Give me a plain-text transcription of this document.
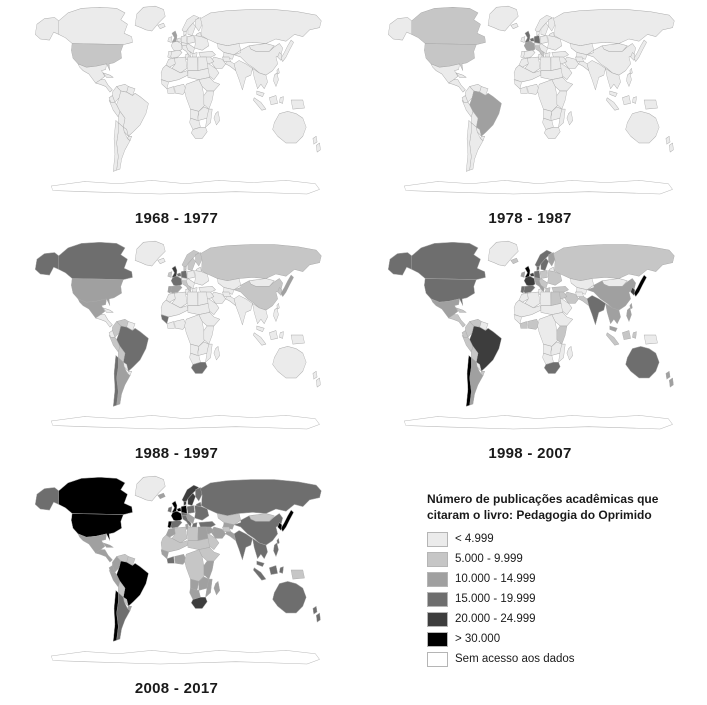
1968 - 1977	1978 - 1987
1988 - 1997	1998 - 2007
2008 - 2017
Número de publicações acadêmicas que
citaram o livro: Pedagogia do Oprimido
< 4.999
5.000 - 9.999
10.000 - 14.999
15.000 - 19.999
20.000 - 24.999
> 30.000
Sem acesso aos dados
